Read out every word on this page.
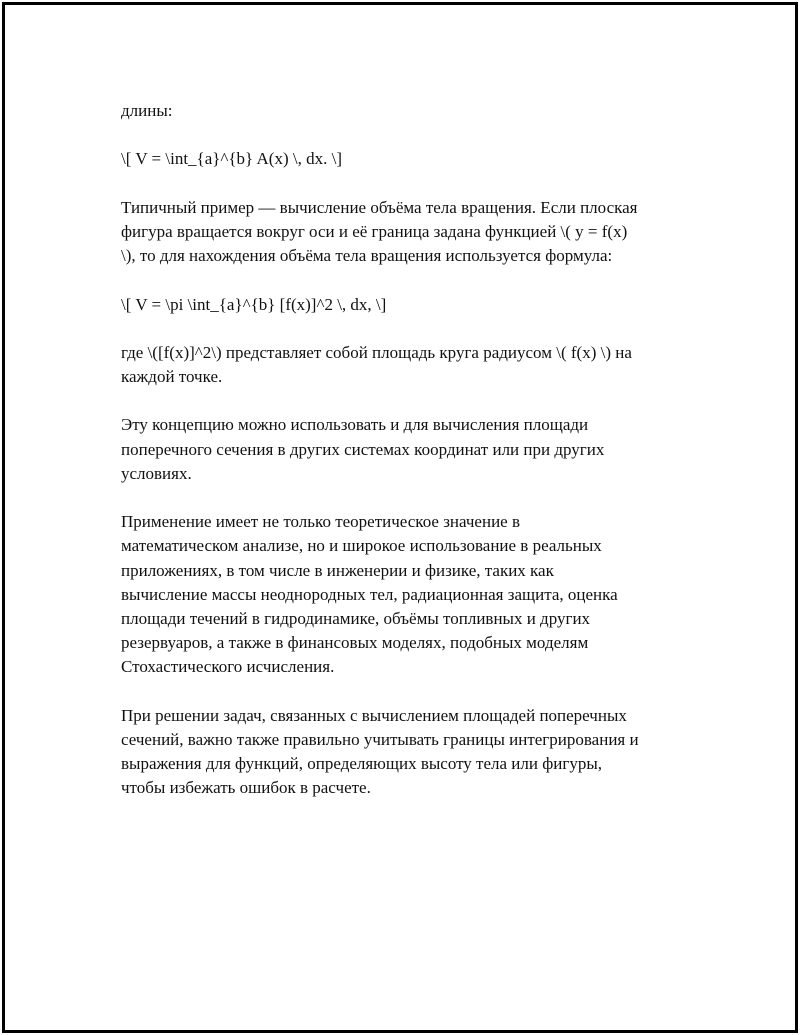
длины:

\[ V = \int_{a}^{b} A(x) \, dx. \]

Типичный пример — вычисление объёма тела вращения. Если плоская
фигура вращается вокруг оси и её граница задана функцией \( y = f(x)
\), то для нахождения объёма тела вращения используется формула:

\[ V = \pi \int_{a}^{b} [f(x)]^2 \, dx, \]

где \([f(x)]^2\) представляет собой площадь круга радиусом \( f(x) \) на
каждой точке.

Эту концепцию можно использовать и для вычисления площади
поперечного сечения в других системах координат или при других
условиях.

Применение имеет не только теоретическое значение в
математическом анализе, но и широкое использование в реальных
приложениях, в том числе в инженерии и физике, таких как
вычисление массы неоднородных тел, радиационная защита, оценка
площади течений в гидродинамике, объёмы топливных и других
резервуаров, а также в финансовых моделях, подобных моделям
Стохастического исчисления.

При решении задач, связанных с вычислением площадей поперечных
сечений, важно также правильно учитывать границы интегрирования и
выражения для функций, определяющих высоту тела или фигуры,
чтобы избежать ошибок в расчете.
